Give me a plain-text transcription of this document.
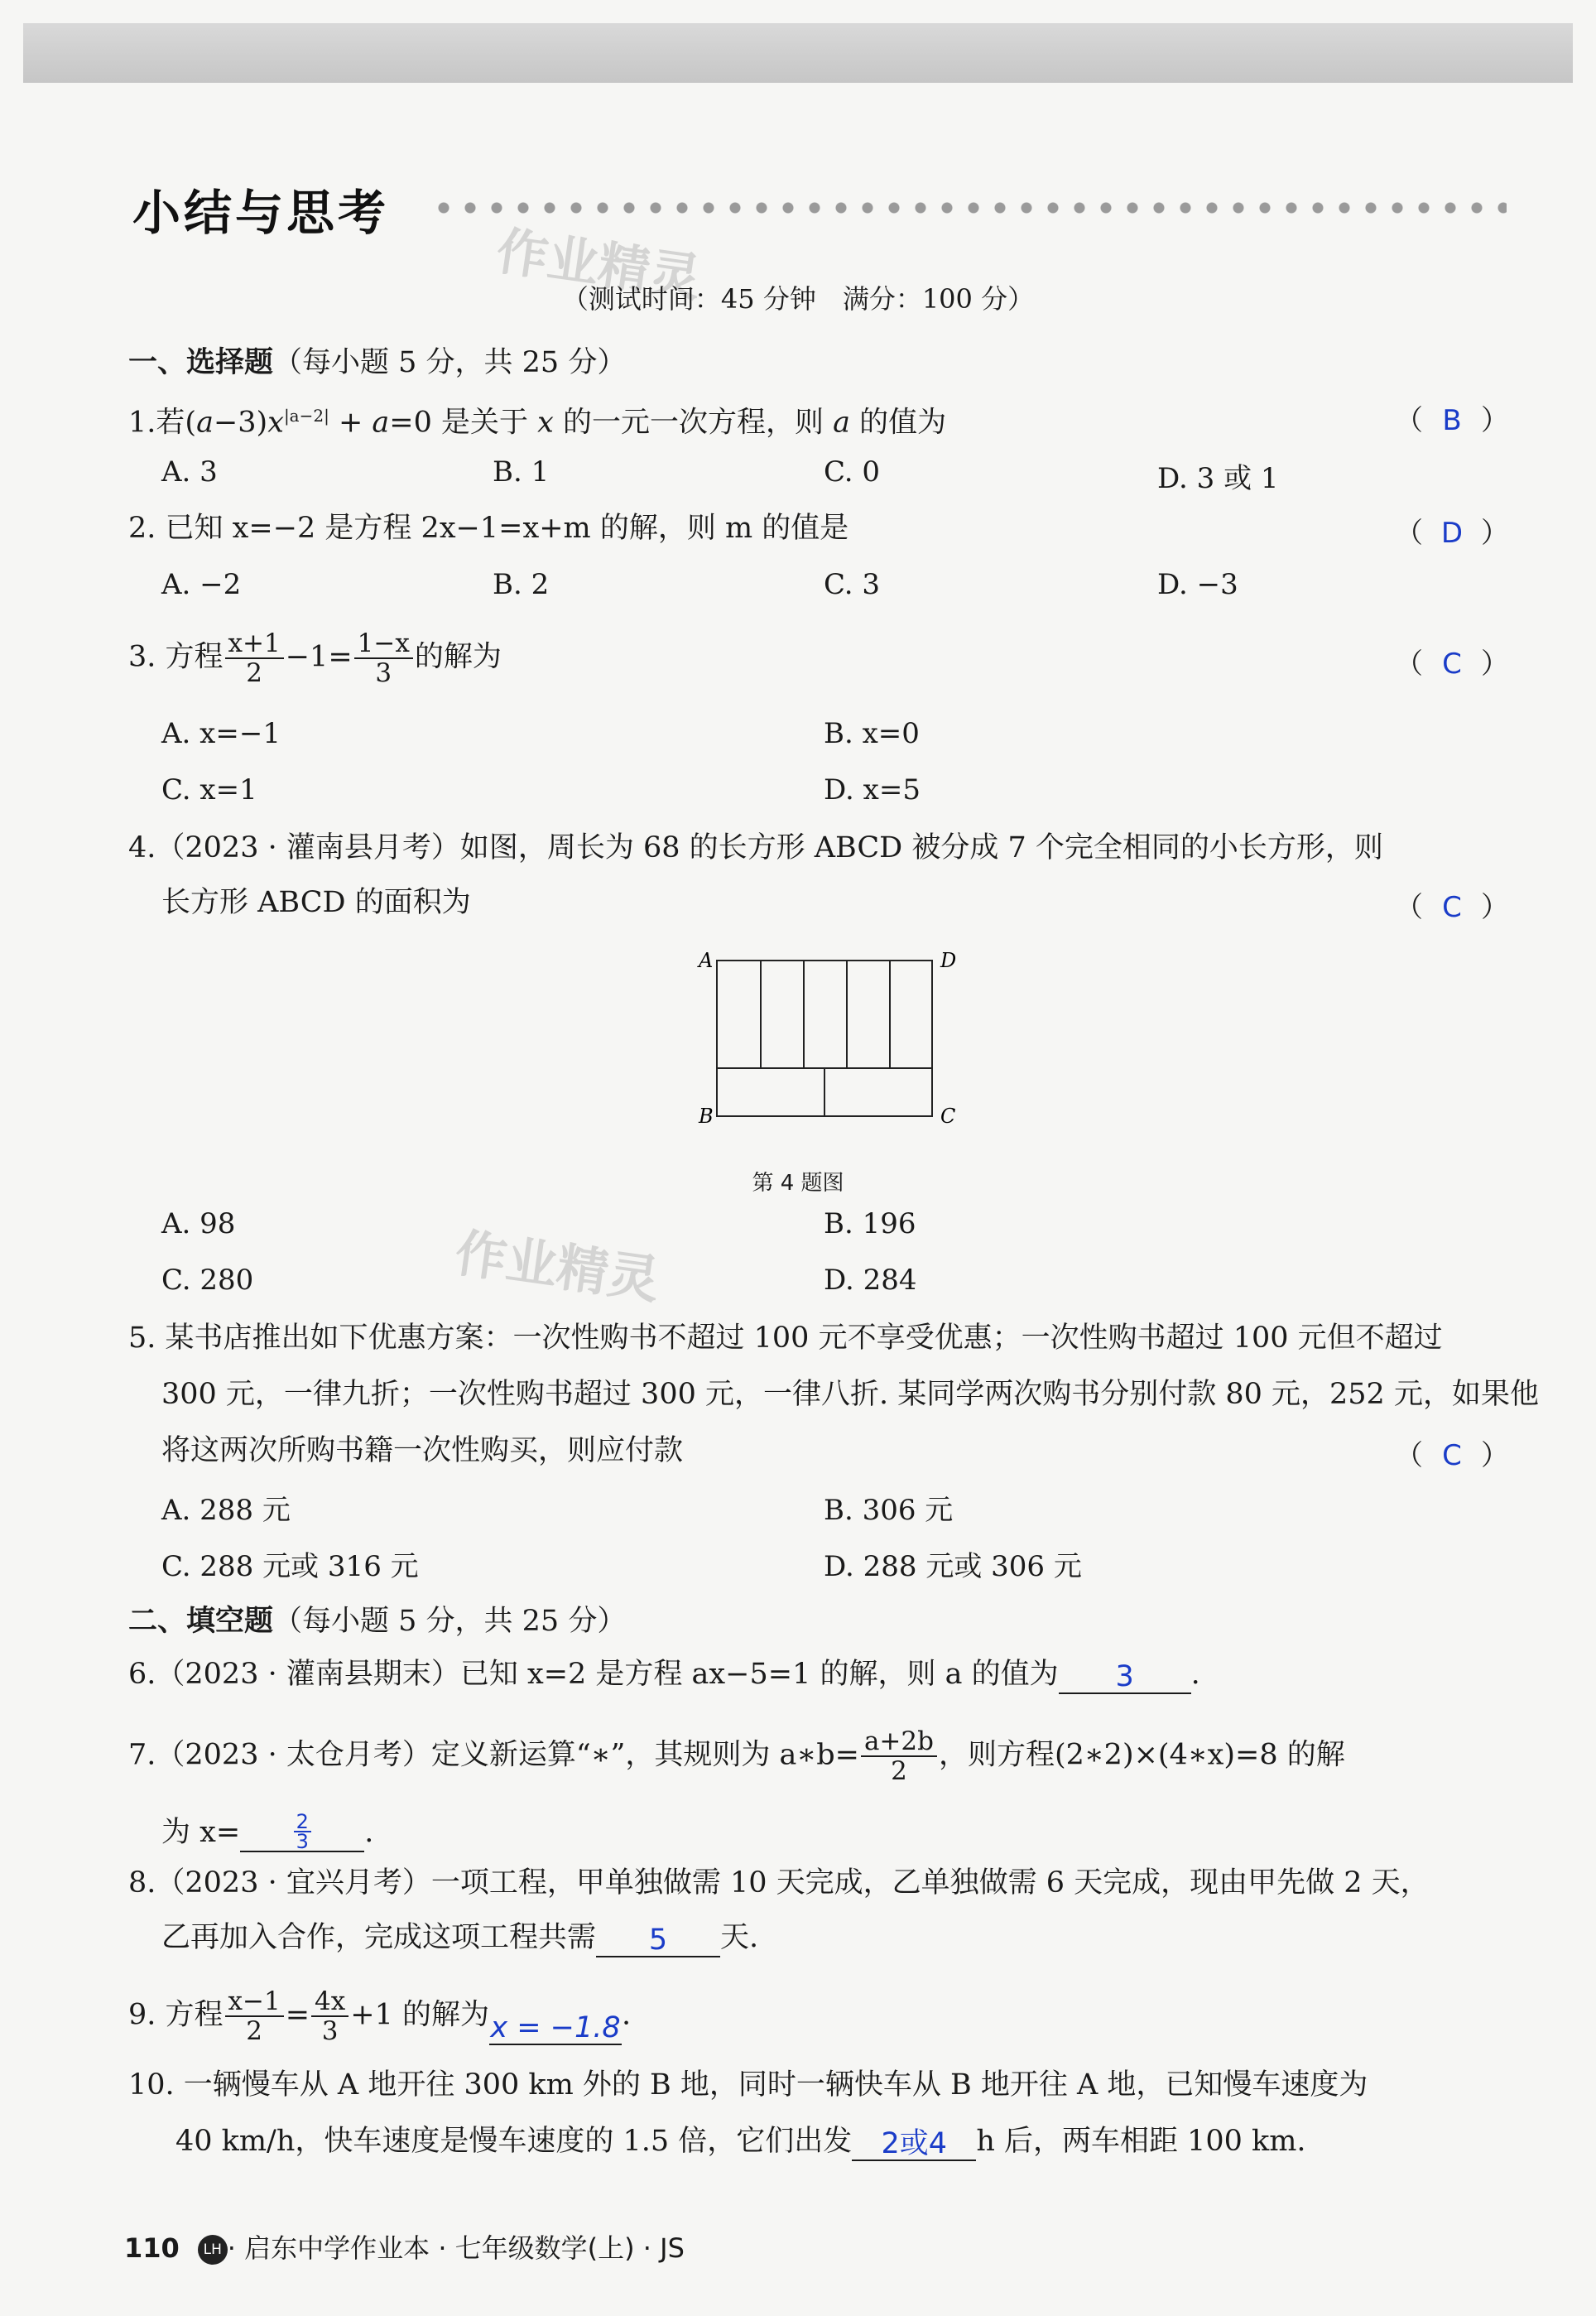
小结与思考
作业精灵
（测试时间：45 分钟　满分：100 分）
一、选择题（每小题 5 分，共 25 分）
1.若$(a-3)x^{|a-2|} + a=0$ 是关于 x 的一元一次方程，则 a 的值为	（ B ）
A. 3	B. 1	C. 0	D. 3 或 1
2. 已知 x=−2 是方程 2x−1=x+m 的解，则 m 的值是	（ D ）
A. −2	B. 2	C. 3	D. −3
3. 方程 $\frac{x+1}{2} -1= \frac{1-x}{3}$ 的解为	（ C ）
A. x=−1	B. x=0
C. x=1	D. x=5
4.（2023 · 灌南县月考）如图，周长为 68 的长方形 ABCD 被分成 7 个完全相同的小长方形，则
长方形 ABCD 的面积为	（ C ）
A	D
B	C
第 4 题图
A. 98	B. 196
C. 280	D. 284
作业精灵
5. 某书店推出如下优惠方案：一次性购书不超过 100 元不享受优惠；一次性购书超过 100 元但不超过
300 元，一律九折；一次性购书超过 300 元，一律八折. 某同学两次购书分别付款 80 元，252 元，如果他
将这两次所购书籍一次性购买，则应付款	（ C ）
A. 288 元	B. 306 元
C. 288 元或 316 元	D. 288 元或 306 元
二、填空题（每小题 5 分，共 25 分）
6.（2023 · 灌南县期末）已知 x=2 是方程 ax−5=1 的解，则 a 的值为 3 .
7.（2023 · 太仓月考）定义新运算“∗”，其规则为 a∗b= $\frac{a+2b}{2}$ ，则方程(2∗2)×(4∗x)=8 的解
为 x=	$\frac{2}{3}$ .
8.（2023 · 宜兴月考）一项工程，甲单独做需 10 天完成，乙单独做需 6 天完成，现由甲先做 2 天，
乙再加入合作，完成这项工程共需 5 天.
9. 方程 $\frac{x-1}{2} = \frac{4x}{3} +1$ 的解为x = −1.8.
10. 一辆慢车从 A 地开往 300 km 外的 B 地，同时一辆快车从 B 地开往 A 地，已知慢车速度为
40 km/h，快车速度是慢车速度的 1.5 倍，它们出发 2或4 h 后，两车相距 100 km.
110 LH · 启东中学作业本 · 七年级数学(上) · JS
